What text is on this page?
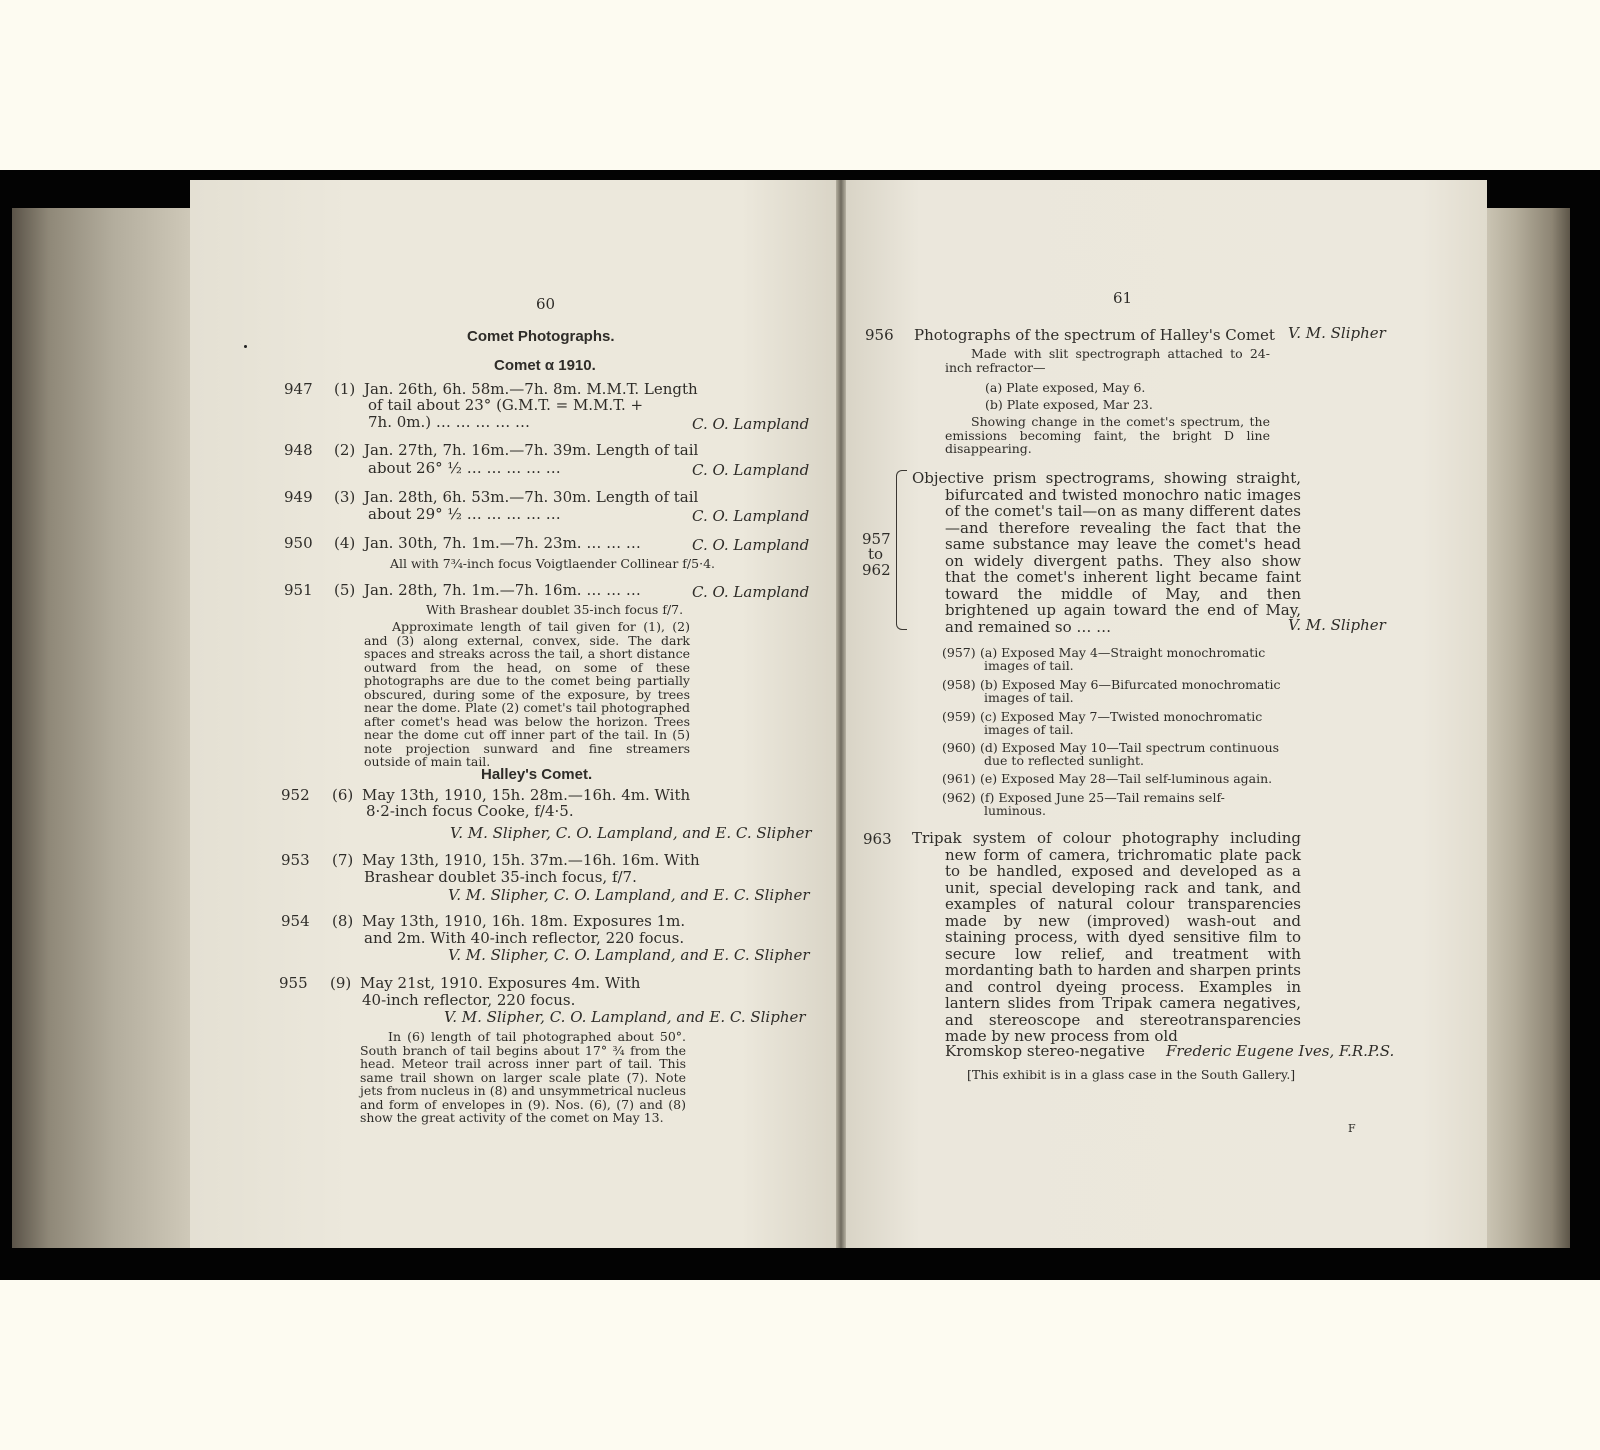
60
Comet Photographs.
Comet α 1910.
947 (1) Jan. 26th, 6h. 58m.—7h. 8m. M.M.T. Length
of tail about 23° (G.M.T. = M.M.T. +
7h. 0m.) … … … … …	C. O. Lampland
948 (2) Jan. 27th, 7h. 16m.—7h. 39m. Length of tail
about 26° ½ … … … … …	C. O. Lampland
949 (3) Jan. 28th, 6h. 53m.—7h. 30m. Length of tail
about 29° ½ … … … … …	C. O. Lampland
950 (4) Jan. 30th, 7h. 1m.—7h. 23m. … … …	C. O. Lampland
All with 7¾-inch focus Voigtlaender Collinear f/5·4.
951 (5) Jan. 28th, 7h. 1m.—7h. 16m. … … …	C. O. Lampland
With Brashear doublet 35-inch focus f/7.
Approximate length of tail given for (1), (2) and (3) along external, convex, side. The dark spaces and streaks across the tail, a short distance outward from the head, on some of these photographs are due to the comet being partially obscured, during some of the exposure, by trees near the dome. Plate (2) comet's tail photographed after comet's head was below the horizon. Trees near the dome cut off inner part of the tail. In (5) note projection sunward and fine streamers outside of main tail.
Halley's Comet.
952 (6) May 13th, 1910, 15h. 28m.—16h. 4m. With
8·2-inch focus Cooke, f/4·5.
V. M. Slipher, C. O. Lampland, and E. C. Slipher
953 (7) May 13th, 1910, 15h. 37m.—16h. 16m. With
Brashear doublet 35-inch focus, f/7.
V. M. Slipher, C. O. Lampland, and E. C. Slipher
954 (8) May 13th, 1910, 16h. 18m. Exposures 1m.
and 2m. With 40-inch reflector, 220 focus.
V. M. Slipher, C. O. Lampland, and E. C. Slipher
955 (9) May 21st, 1910. Exposures 4m. With
40-inch reflector, 220 focus.
V. M. Slipher, C. O. Lampland, and E. C. Slipher
In (6) length of tail photographed about 50°. South branch of tail begins about 17° ¾ from the head. Meteor trail across inner part of tail. This same trail shown on larger scale plate (7). Note jets from nucleus in (8) and unsymmetrical nucleus and form of envelopes in (9). Nos. (6), (7) and (8) show the great activity of the comet on May 13.
61
956 Photographs of the spectrum of Halley's Comet V. M. Slipher
Made with slit spectrograph attached to 24-inch refractor—
(a) Plate exposed, May 6.
(b) Plate exposed, Mar 23.
Showing change in the comet's spectrum, the emissions becoming faint, the bright D line disappearing.
957
to
962
Objective prism spectrograms, showing straight, bifurcated and twisted monochro natic images of the comet's tail—on as many different dates—and therefore revealing the fact that the same substance may leave the comet's head on widely divergent paths. They also show that the comet's inherent light became faint toward the middle of May, and then brightened up again toward the end of May, and remained so … …	V. M. Slipher
(957) (a) Exposed May 4—Straight monochromatic
images of tail.
(958) (b) Exposed May 6—Bifurcated monochromatic
images of tail.
(959) (c) Exposed May 7—Twisted monochromatic
images of tail.
(960) (d) Exposed May 10—Tail spectrum continuous
due to reflected sunlight.
(961) (e) Exposed May 28—Tail self-luminous again.
(962) (f) Exposed June 25—Tail remains self-
luminous.
963 Tripak system of colour photography including new form of camera, trichromatic plate pack to be handled, exposed and developed as a unit, special developing rack and tank, and examples of natural colour transparencies made by new (improved) wash-out and staining process, with dyed sensitive film to secure low relief, and treatment with mordanting bath to harden and sharpen prints and control dyeing process. Examples in lantern slides from Tripak camera negatives, and stereoscope and stereotransparencies made by new process from old
Kromskop stereo-negative Frederic Eugene Ives, F.R.P.S.
[This exhibit is in a glass case in the South Gallery.]
F
